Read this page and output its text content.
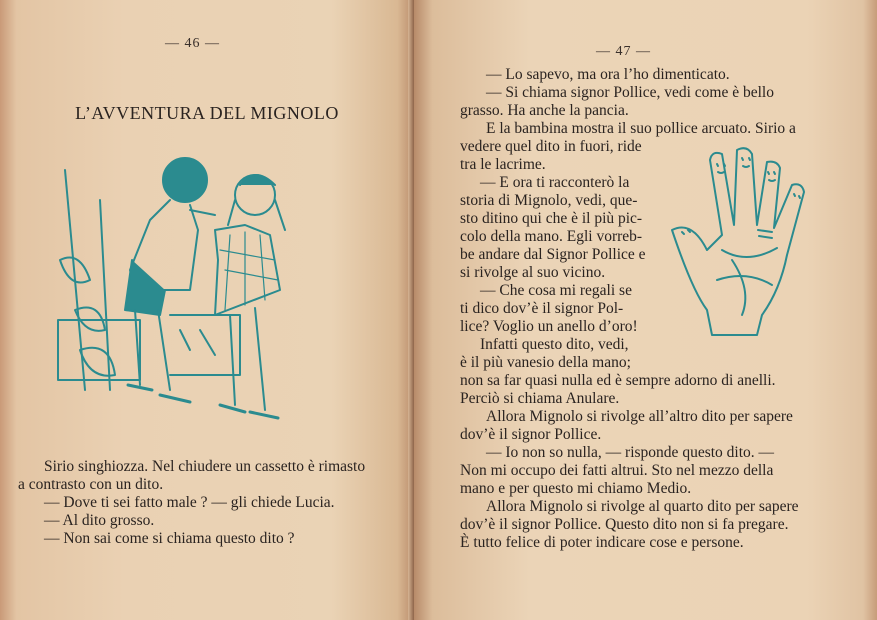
— 46 —
L’AVVENTURA DEL MIGNOLO
Sirio singhiozza. Nel chiudere un cassetto è rimasto
a contrasto con un dito.
— Dove ti sei fatto male ? — gli chiede Lucia.
— Al dito grosso.
— Non sai come si chiama questo dito ?
— 47 —
— Lo sapevo, ma ora l’ho dimenticato.
— Si chiama signor Pollice, vedi come è bello
grasso. Ha anche la pancia.
E la bambina mostra il suo pollice arcuato. Sirio a
vedere quel dito in fuori, ride
tra le lacrime.
— E ora ti racconterò la
storia di Mignolo, vedi, que-
sto ditino qui che è il più pic-
colo della mano. Egli vorreb-
be andare dal Signor Pollice e
si rivolge al suo vicino.
— Che cosa mi regali se
ti dico dov’è il signor Pol-
lice? Voglio un anello d’oro!
Infatti questo dito, vedi,
è il più vanesio della mano;
non sa far quasi nulla ed è sempre adorno di anelli.
Perciò si chiama Anulare.
Allora Mignolo si rivolge all’altro dito per sapere
dov’è il signor Pollice.
— Io non so nulla, — risponde questo dito. —
Non mi occupo dei fatti altrui. Sto nel mezzo della
mano e per questo mi chiamo Medio.
Allora Mignolo si rivolge al quarto dito per sapere
dov’è il signor Pollice. Questo dito non si fa pregare.
È tutto felice di poter indicare cose e persone.
